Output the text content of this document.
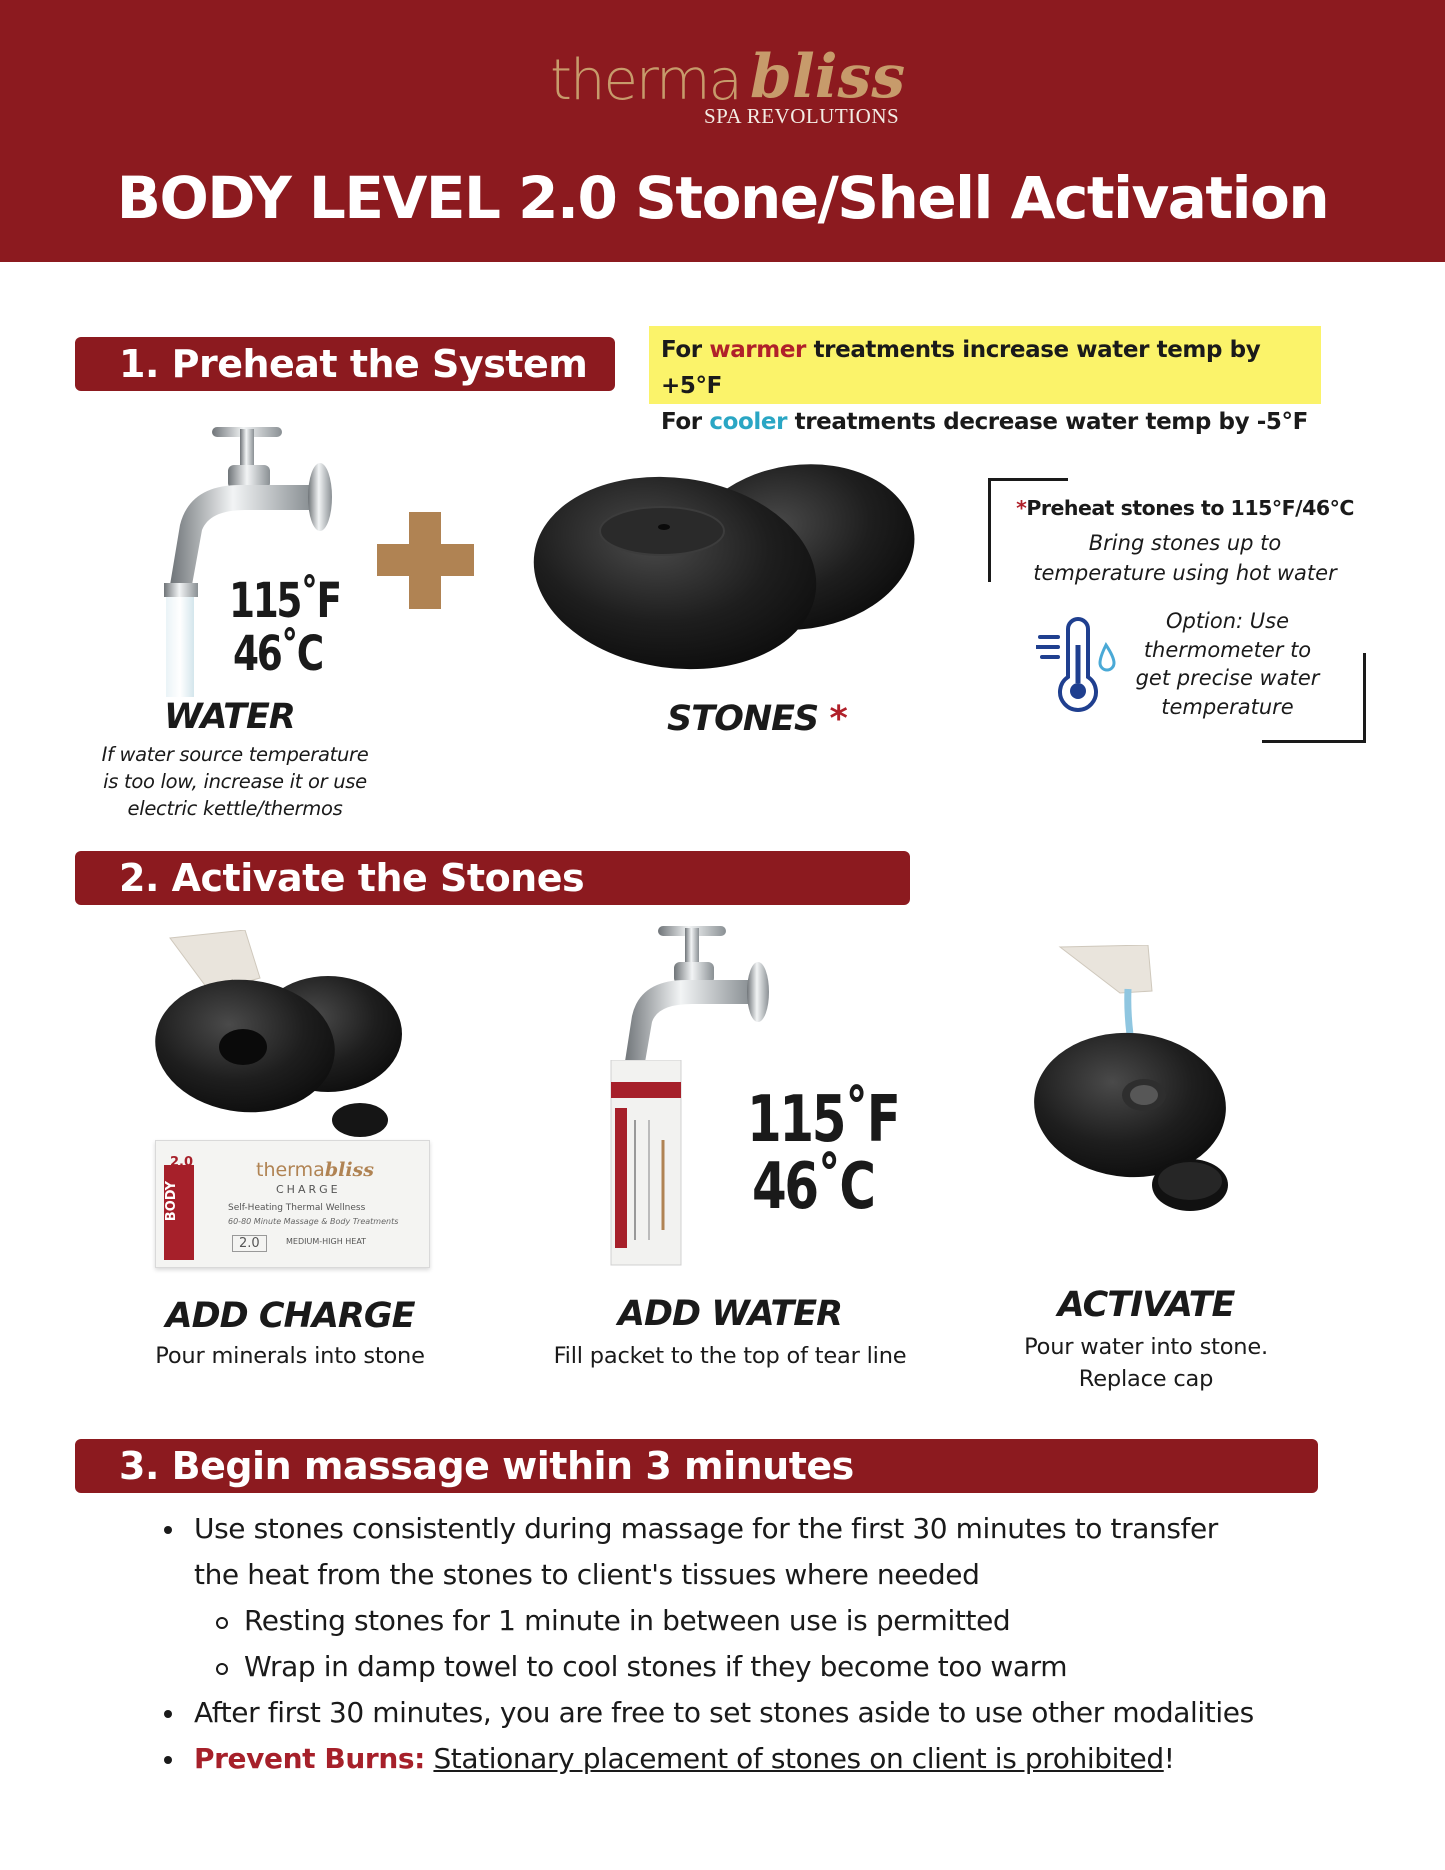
therma bliss
SPA REVOLUTIONS
BODY LEVEL 2.0 Stone/Shell Activation
1. Preheat the System	For warmer treatments increase water temp by +5°F
For cooler treatments decrease water temp by -5°F
115˚F
46˚C
WATER
If water source temperature
is too low, increase it or use
electric kettle/thermos
STONES *
*Preheat stones to 115°F/46°C
Bring stones up to
temperature using hot water
Option: Use
thermometer to
get precise water
temperature
2. Activate the Stones
2.0
BODY
thermabliss
CHARGE
Self-Heating Thermal Wellness
60-80 Minute Massage & Body Treatments
2.0	MEDIUM-HIGH HEAT
115˚F
46˚C
ADD CHARGE
Pour minerals into stone
ADD WATER
Fill packet to the top of tear line
ACTIVATE
Pour water into stone.
Replace cap
3. Begin massage within 3 minutes
Use stones consistently during massage for the first 30 minutes to transfer
the heat from the stones to client's tissues where needed
Resting stones for 1 minute in between use is permitted
Wrap in damp towel to cool stones if they become too warm
After first 30 minutes, you are free to set stones aside to use other modalities
Prevent Burns: Stationary placement of stones on client is prohibited!
